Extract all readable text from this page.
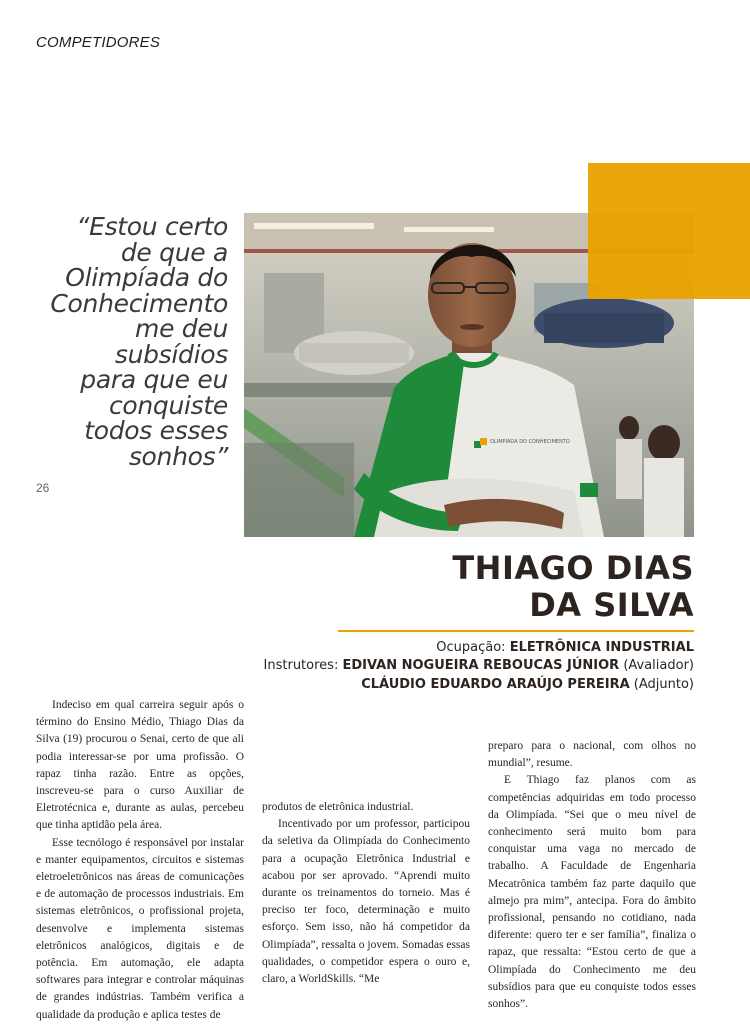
COMPETIDORES
“Estou certo
de que a
Olimpíada do
Conhecimento
me deu
subsídios
para que eu
conquiste
todos esses
sonhos”
26
OLIMPÍADA DO CONHECIMENTO
THIAGO DIAS
DA SILVA
Ocupação: ELETRÔNICA INDUSTRIAL
Instrutores: EDIVAN NOGUEIRA REBOUCAS JÚNIOR (Avaliador)
CLÁUDIO EDUARDO ARAÚJO PEREIRA (Adjunto)

Indeciso em qual carreira seguir após o término do Ensino Médio, Thiago Dias da Silva (19) procurou o Senai, certo de que ali podia interessar-se por uma profissão. O rapaz tinha razão. Entre as opções, inscreveu-se para o curso Auxiliar de Eletrotécnica e, durante as aulas, percebeu que tinha aptidão pela área.

Esse tecnólogo é responsável por instalar e manter equipamentos, circuitos e sistemas eletroeletrônicos nas áreas de comunicações e de automação de processos industriais. Em sistemas eletrônicos, o profissional projeta, desenvolve e implementa sistemas eletrônicos analógicos, digitais e de potência. Em automação, ele adapta softwares para integrar e controlar máquinas de grandes indústrias. Também verifica a qualidade da produção e aplica testes de

produtos de eletrônica industrial.

Incentivado por um professor, participou da seletiva da Olimpíada do Conhecimento para a ocupação Eletrônica Industrial e acabou por ser aprovado. “Aprendi muito durante os treinamentos do torneio. Mas é preciso ter foco, determinação e muito esforço. Sem isso, não há competidor da Olimpíada”, ressalta o jovem. Somadas essas qualidades, o competidor espera o ouro e, claro, a WorldSkills. “Me

preparo para o nacional, com olhos no mundial”, resume.

E Thiago faz planos com as competências adquiridas em todo processo da Olimpíada. “Sei que o meu nível de conhecimento será muito bom para conquistar uma vaga no mercado de trabalho. A Faculdade de Engenharia Mecatrônica também faz parte daquilo que almejo pra mim”, antecipa. Fora do âmbito profissional, pensando no cotidiano, nada diferente: quero ter e ser família”, finaliza o rapaz, que ressalta: “Estou certo de que a Olimpíada do Conhecimento me deu subsídios para que eu conquiste todos esses sonhos”.
